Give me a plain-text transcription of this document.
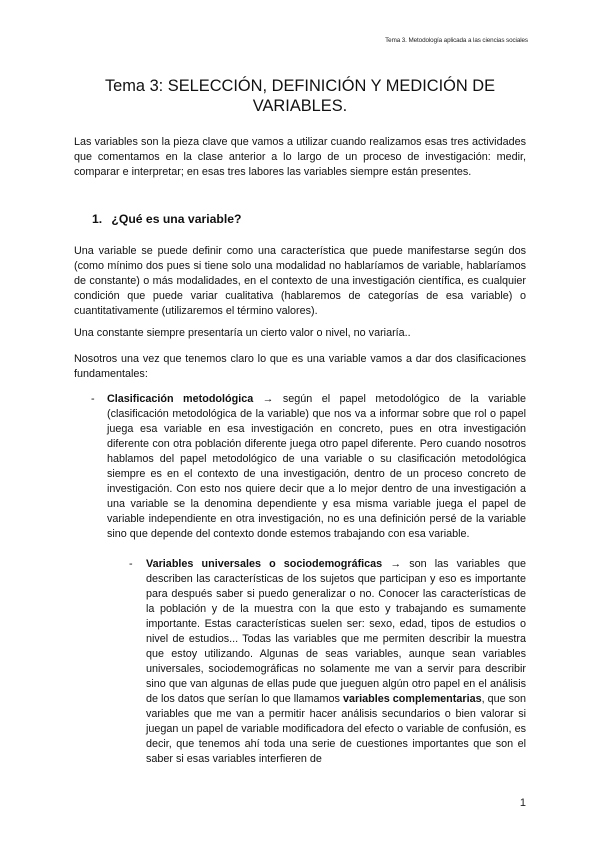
Tema 3. Metodología aplicada a las ciencias sociales
Tema 3: SELECCIÓN, DEFINICIÓN Y MEDICIÓN DE VARIABLES.

Las variables son la pieza clave que vamos a utilizar cuando realizamos esas tres actividades que comentamos en la clase anterior a lo largo de un proceso de investigación: medir, comparar e interpretar; en esas tres labores las variables siempre están presentes.

1. ¿Qué es una variable?

Una variable se puede definir como una característica que puede manifestarse según dos (como mínimo dos pues si tiene solo una modalidad no hablaríamos de variable, hablaríamos de constante) o más modalidades, en el contexto de una investigación científica, es cualquier condición que puede variar cualitativa (hablaremos de categorías de esa variable) o cuantitativamente (utilizaremos el término valores).

Una constante siempre presentaría un cierto valor o nivel, no variaría..

Nosotros una vez que tenemos claro lo que es una variable vamos a dar dos clasificaciones fundamentales:

- Clasificación metodológica → según el papel metodológico de la variable (clasificación metodológica de la variable) que nos va a informar sobre que rol o papel juega esa variable en esa investigación en concreto, pues en otra investigación diferente con otra población diferente juega otro papel diferente. Pero cuando nosotros hablamos del papel metodológico de una variable o su clasificación metodológica siempre es en el contexto de una investigación, dentro de un proceso concreto de investigación. Con esto nos quiere decir que a lo mejor dentro de una investigación a una variable se la denomina dependiente y esa misma variable juega el papel de variable independiente en otra investigación, no es una definición persé de la variable sino que depende del contexto donde estemos trabajando con esa variable.

- Variables universales o sociodemográficas → son las variables que describen las características de los sujetos que participan y eso es importante para después saber si puedo generalizar o no. Conocer las características de la población y de la muestra con la que esto y trabajando es sumamente importante. Estas características suelen ser: sexo, edad, tipos de estudios o nivel de estudios... Todas las variables que me permiten describir la muestra que estoy utilizando. Algunas de seas variables, aunque sean variables universales, sociodemográficas no solamente me van a servir para describir sino que van algunas de ellas pude que jueguen algún otro papel en el análisis de los datos que serían lo que llamamos variables complementarias, que son variables que me van a permitir hacer análisis secundarios o bien valorar si juegan un papel de variable modificadora del efecto o variable de confusión, es decir, que tenemos ahí toda una serie de cuestiones importantes que son el saber si esas variables interfieren de

1
